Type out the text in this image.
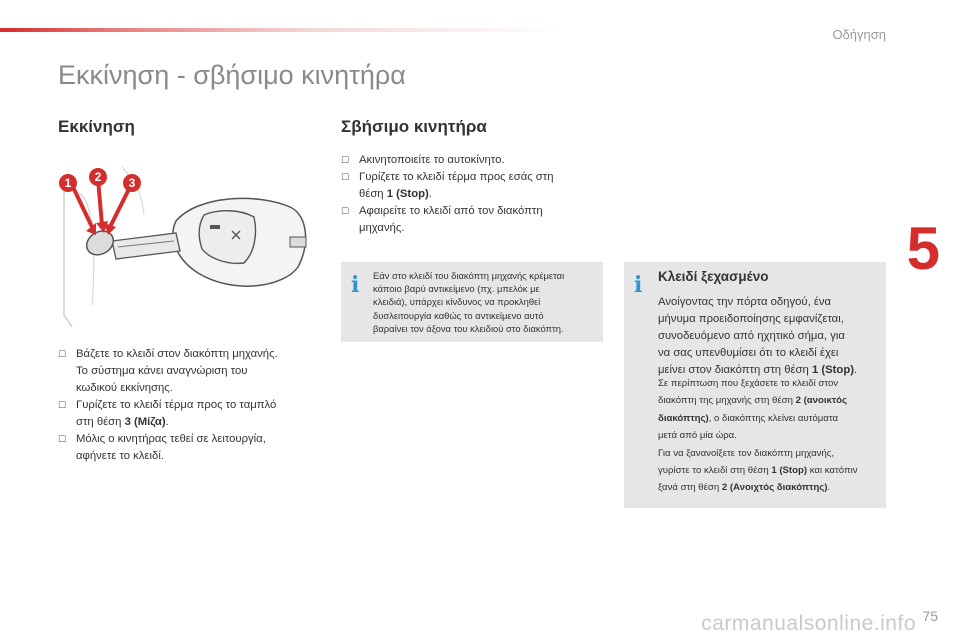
Οδήγηση
Εκκίνηση - σβήσιμο κινητήρα
5
Εκκίνηση
1 2 3
☐ Βάζετε το κλειδί στον διακόπτη μηχανής.
Το σύστημα κάνει αναγνώριση του
κωδικού εκκίνησης.
☐ Γυρίζετε το κλειδί τέρμα προς το ταμπλό
στη θέση 3 (Μίζα).
☐ Μόλις ο κινητήρας τεθεί σε λειτουργία,
αφήνετε το κλειδί.
Σβήσιμο κινητήρα
☐ Ακινητοποιείτε το αυτοκίνητο.
☐ Γυρίζετε το κλειδί τέρμα προς εσάς στη
θέση 1 (Stop).
☐ Αφαιρείτε το κλειδί από τον διακόπτη
μηχανής.
i Εάν στο κλειδί του διακόπτη μηχανής κρέμεται
κάποιο βαρύ αντικείμενο (πχ. μπελόκ με
κλειδιά), υπάρχει κίνδυνος να προκληθεί
δυσλειτουργία καθώς το αντικείμενο αυτό
βαραίνει τον άξονα του κλειδιού στο διακόπτη.
i Κλειδί ξεχασμένο
Ανοίγοντας την πόρτα οδηγού, ένα
μήνυμα προειδοποίησης εμφανίζεται,
συνοδευόμενο από ηχητικό σήμα, για
να σας υπενθυμίσει ότι το κλειδί έχει
μείνει στον διακόπτη στη θέση 1 (Stop).
Σε περίπτωση που ξεχάσετε το κλειδί στον
διακόπτη της μηχανής στη θέση 2 (ανοικτός
διακόπτης), ο διακόπτης κλείνει αυτόματα
μετά από μία ώρα.
Για να ξανανοίξετε τον διακόπτη μηχανής,
γυρίστε το κλειδί στη θέση 1 (Stop) και κατόπιν
ξανά στη θέση 2 (Ανοιχτός διακόπτης).
75
carmanualsonline.info
